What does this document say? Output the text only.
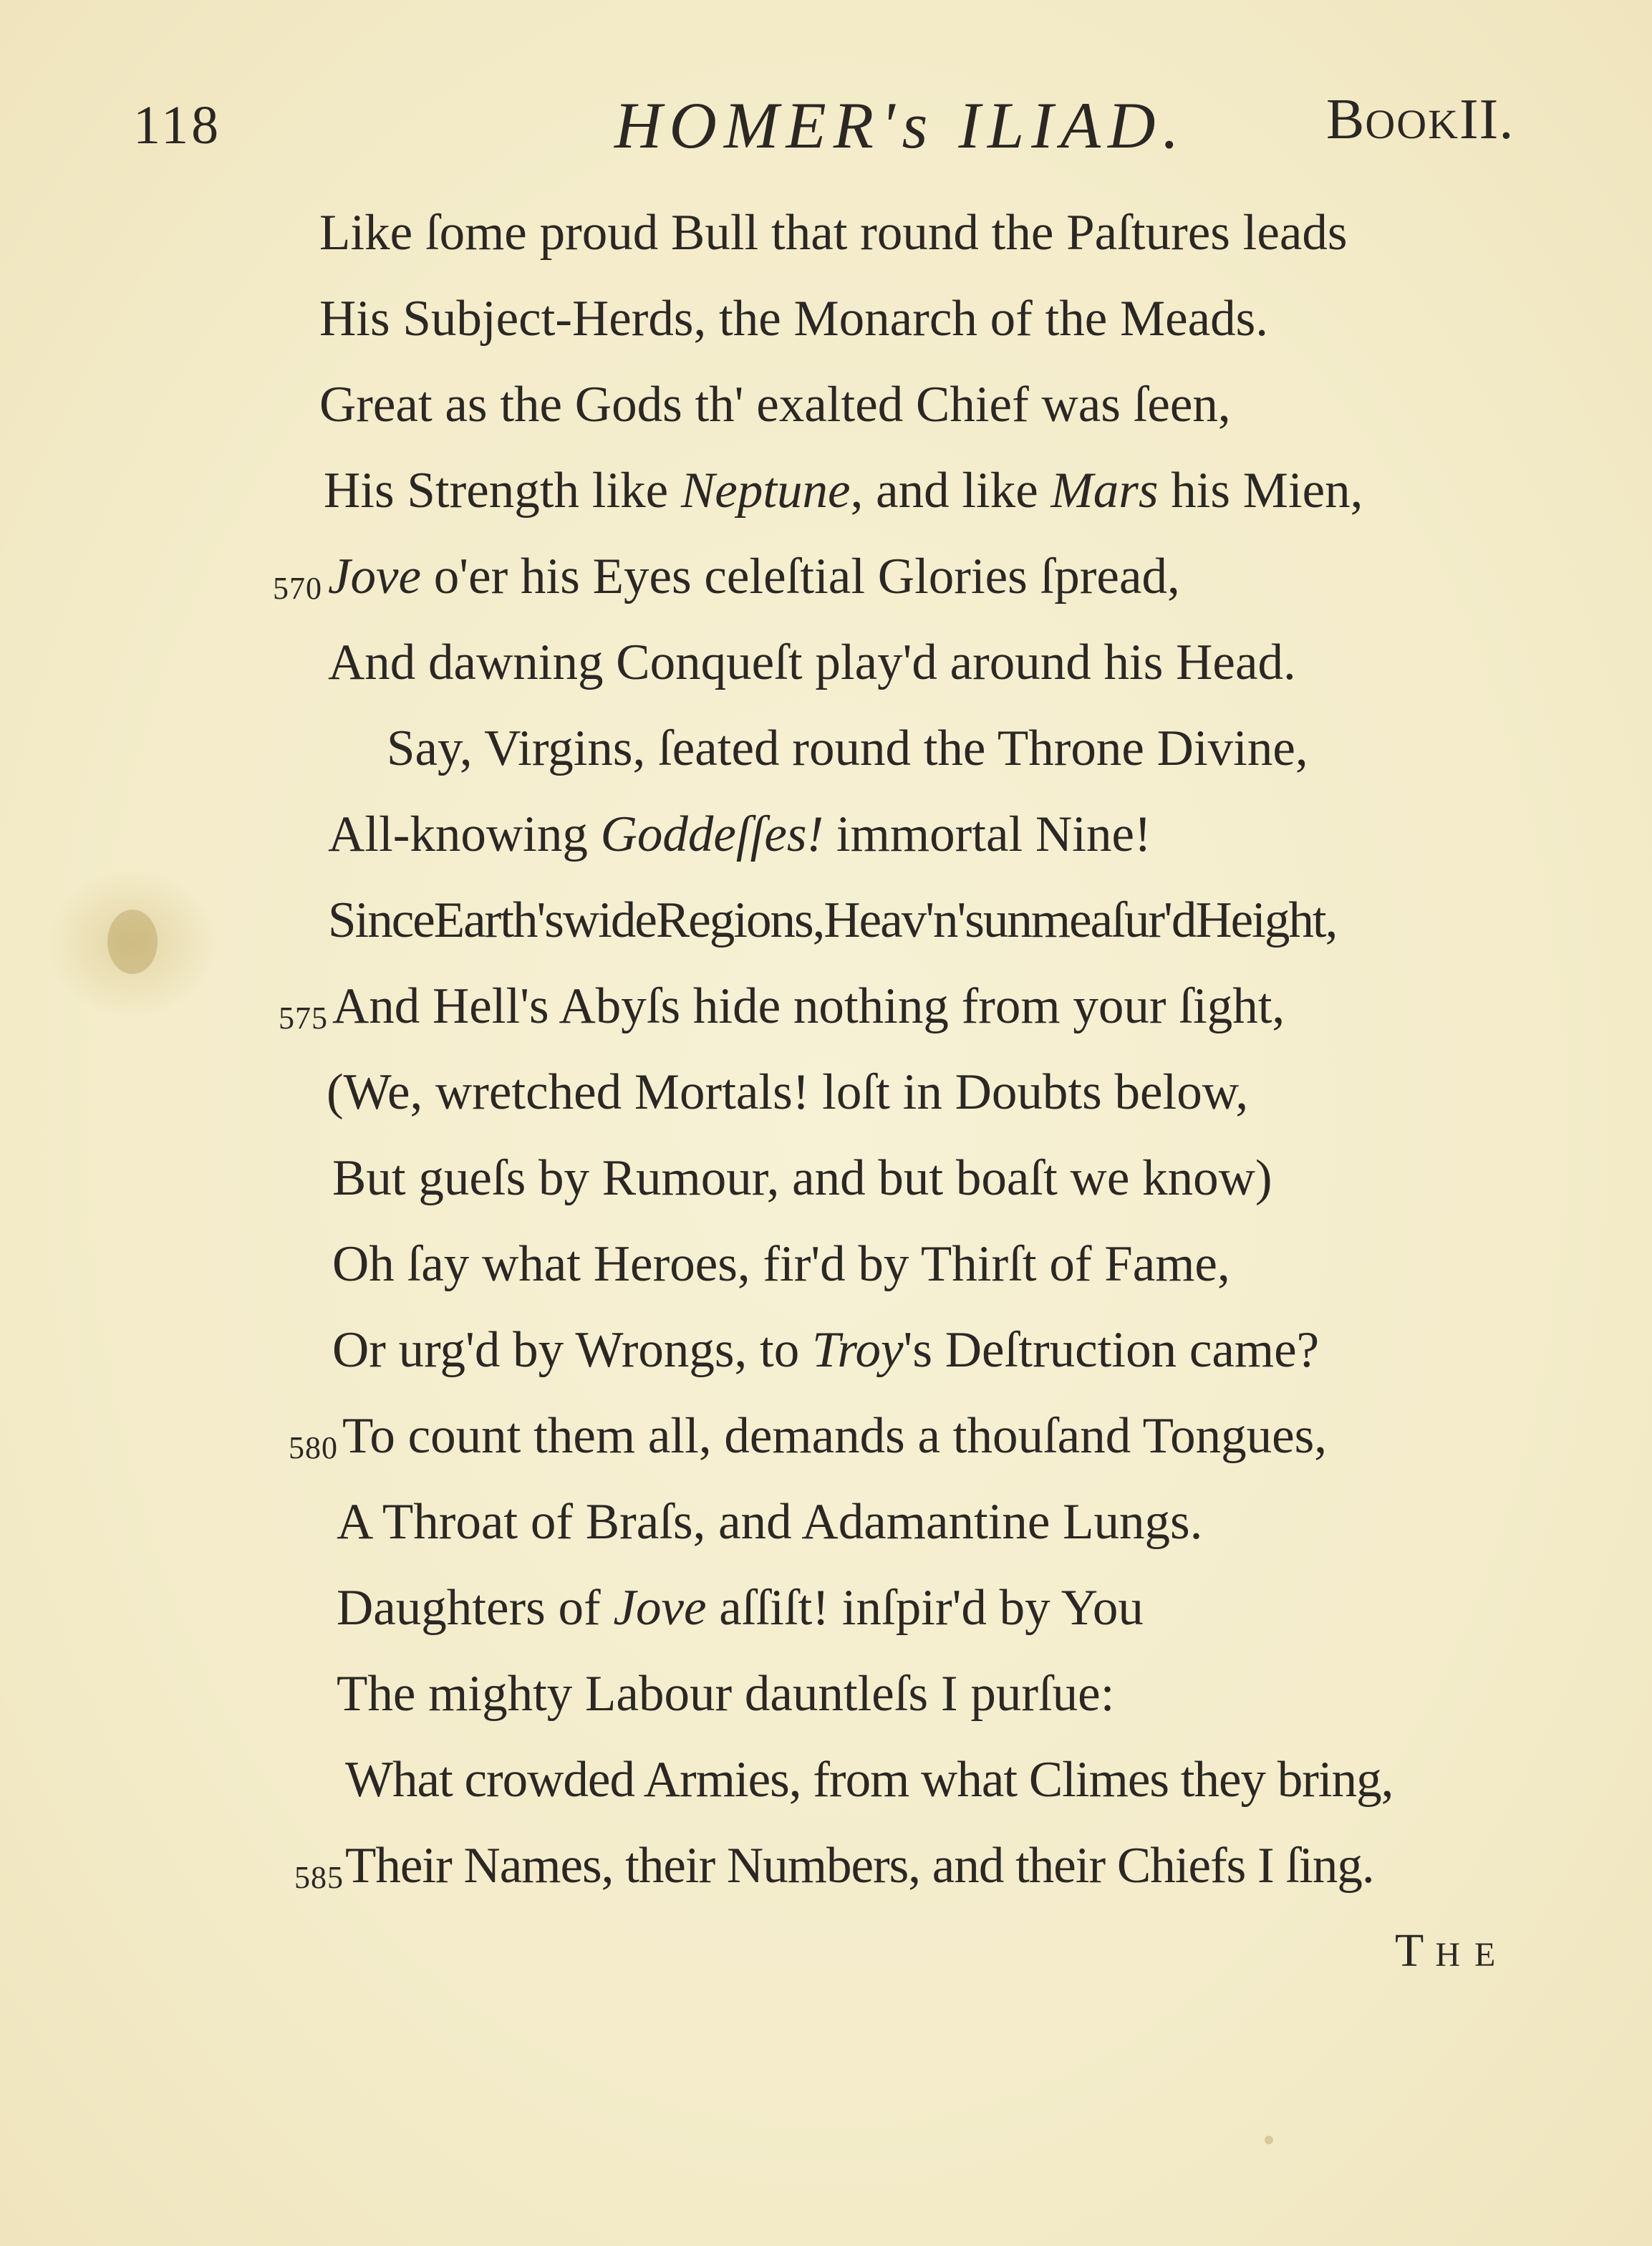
118	HOMER's ILIAD. BOOKII.
Like ſome proud Bull that round the Paſtures leads
His Subject-Herds, the Monarch of the Meads.
Great as the Gods th' exalted Chief was ſeen,
His Strength like Neptune, and like Mars his Mien,
570 Jove o'er his Eyes celeſtial Glories ſpread,
And dawning Conqueſt play'd around his Head.
Say, Virgins, ſeated round the Throne Divine,
All-knowing Goddeſſes! immortal Nine!
SinceEarth'swideRegions,Heav'n'sunmeaſur'dHeight,
575 And Hell's Abyſs hide nothing from your ſight,
(We, wretched Mortals! loſt in Doubts below,
But gueſs by Rumour, and but boaſt we know)
Oh ſay what Heroes, fir'd by Thirſt of Fame,
Or urg'd by Wrongs, to Troy's Deſtruction came?
580 To count them all, demands a thouſand Tongues,
A Throat of Braſs, and Adamantine Lungs.
Daughters of Jove aſſiſt! inſpir'd by You
The mighty Labour dauntleſs I purſue:
What crowded Armies, from what Climes they bring,
585 Their Names, their Numbers, and their Chiefs I ſing.
THE
